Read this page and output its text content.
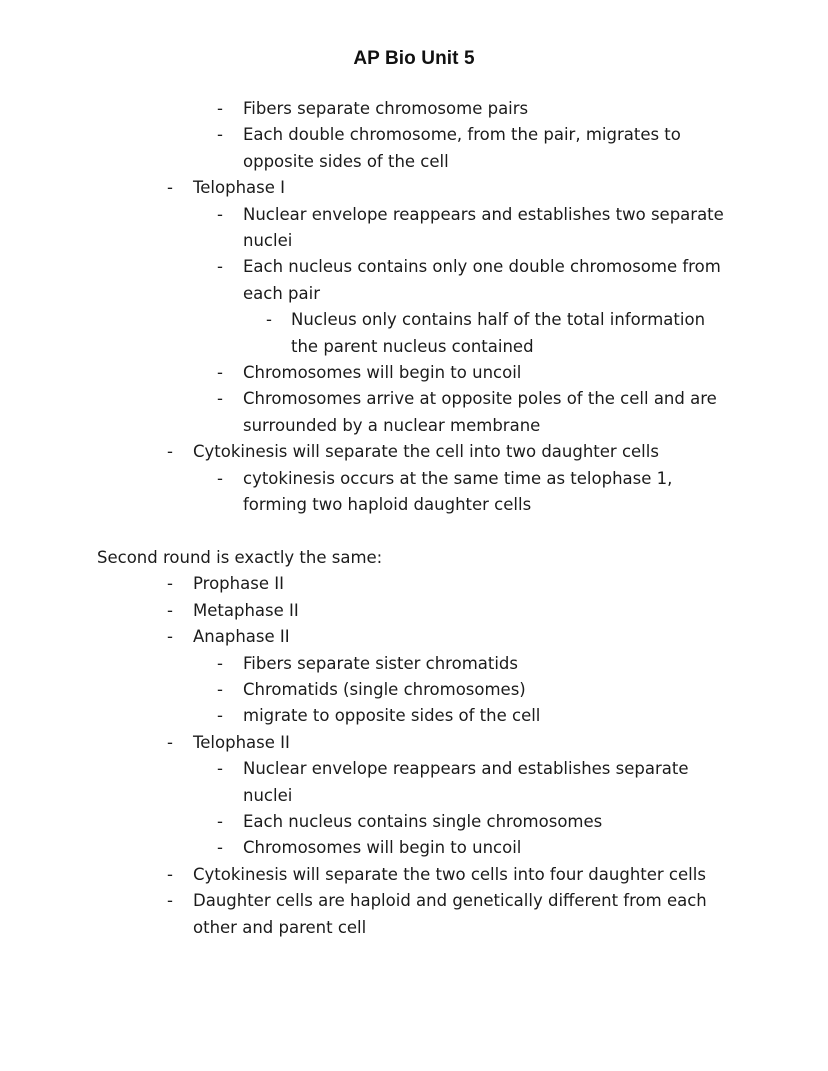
AP Bio Unit 5
-	Fibers separate chromosome pairs
-	Each double chromosome, from the pair, migrates to opposite sides of the cell
-	Telophase I
-	Nuclear envelope reappears and establishes two separate nuclei
-	Each nucleus contains only one double chromosome from each pair
-	Nucleus only contains half of the total information the parent nucleus contained
-	Chromosomes will begin to uncoil
-	Chromosomes arrive at opposite poles of the cell and are surrounded by a nuclear membrane
-	Cytokinesis will separate the cell into two daughter cells
-	cytokinesis occurs at the same time as telophase 1, forming two haploid daughter cells
Second round is exactly the same:
-	Prophase II
-	Metaphase II
-	Anaphase II
-	Fibers separate sister chromatids
-	Chromatids (single chromosomes)
-	migrate to opposite sides of the cell
-	Telophase II
-	Nuclear envelope reappears and establishes separate nuclei
-	Each nucleus contains single chromosomes
-	Chromosomes will begin to uncoil
-	Cytokinesis will separate the two cells into four daughter cells
-	Daughter cells are haploid and genetically different from each other and parent cell
